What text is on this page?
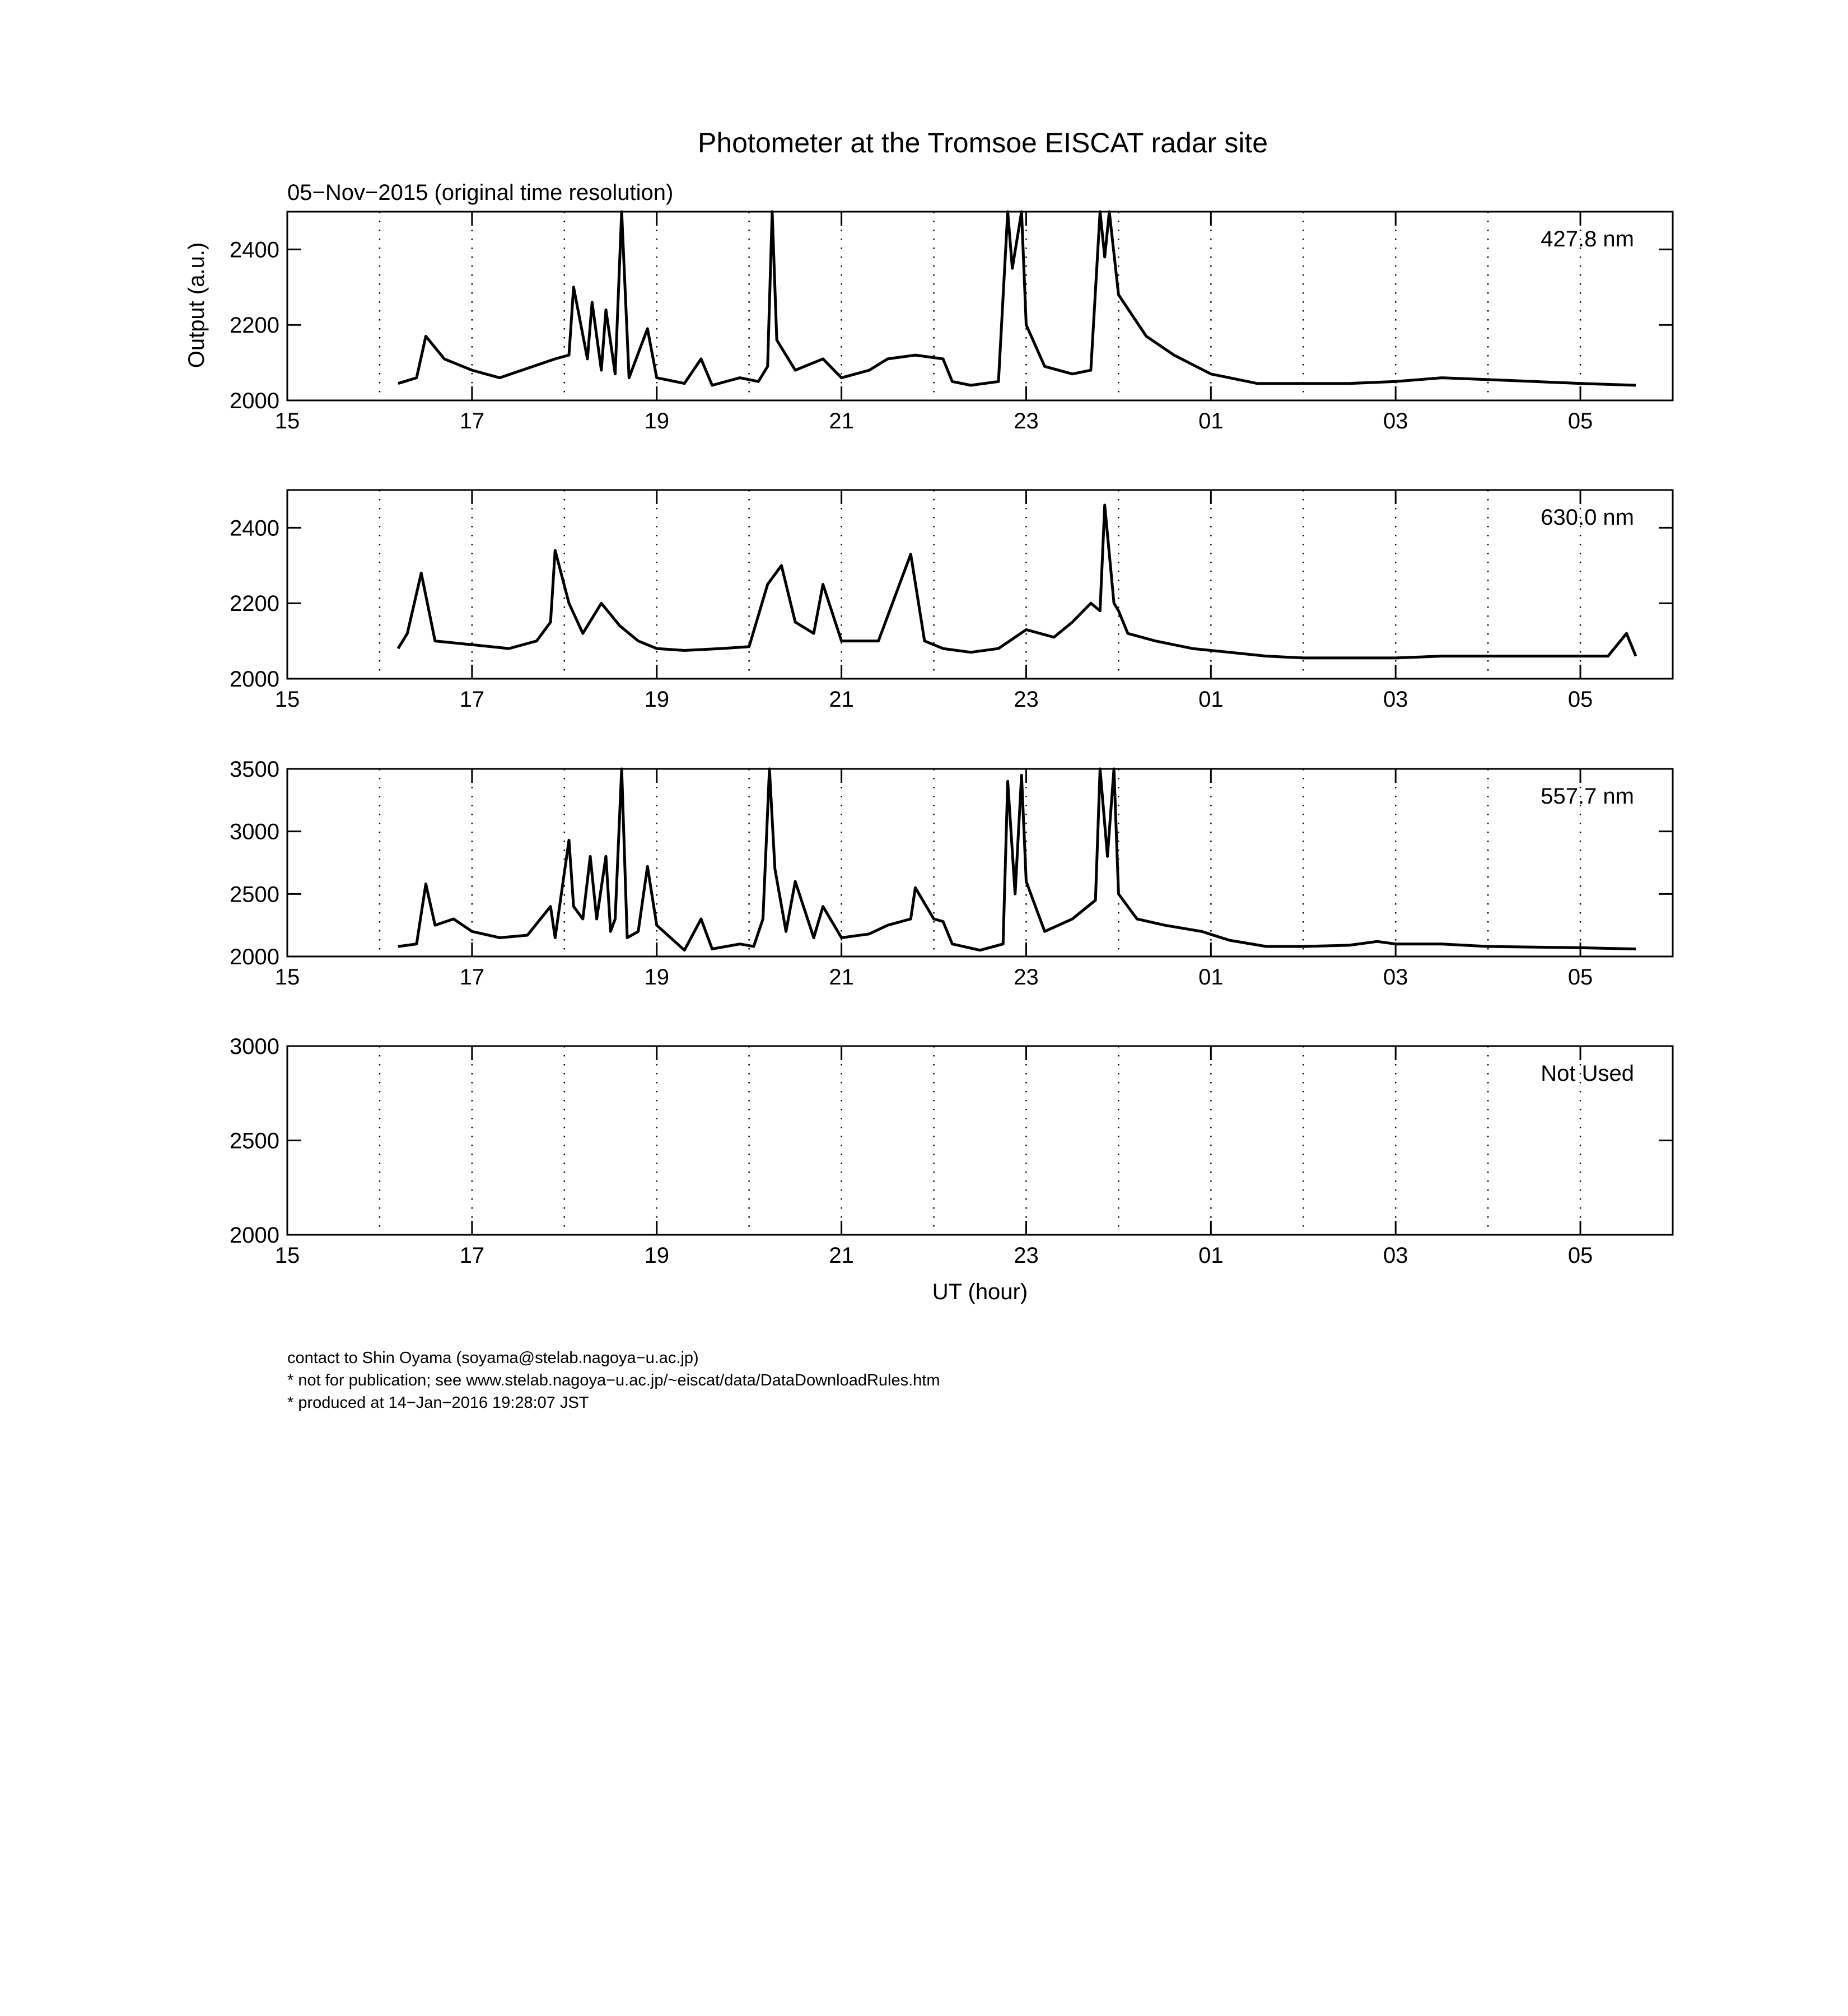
Photometer at the Tromsoe EISCAT radar site
05−Nov−2015 (original time resolution)
Output (a.u.)
UT (hour)
15	17	19	21	23	01	03	05
2000
2200
2400	427.8 nm
15	17	19	21	23	01	03	05
2000
2200
2400	630.0 nm
15	17	19	21	23	01	03	05
2000
2500
3000
3500
557.7 nm
15	17	19	21	23	01	03	05
2000
2500
3000
Not Used
contact to Shin Oyama (soyama@stelab.nagoya−u.ac.jp)
* not for publication; see www.stelab.nagoya−u.ac.jp/~eiscat/data/DataDownloadRules.htm
* produced at 14−Jan−2016 19:28:07 JST
